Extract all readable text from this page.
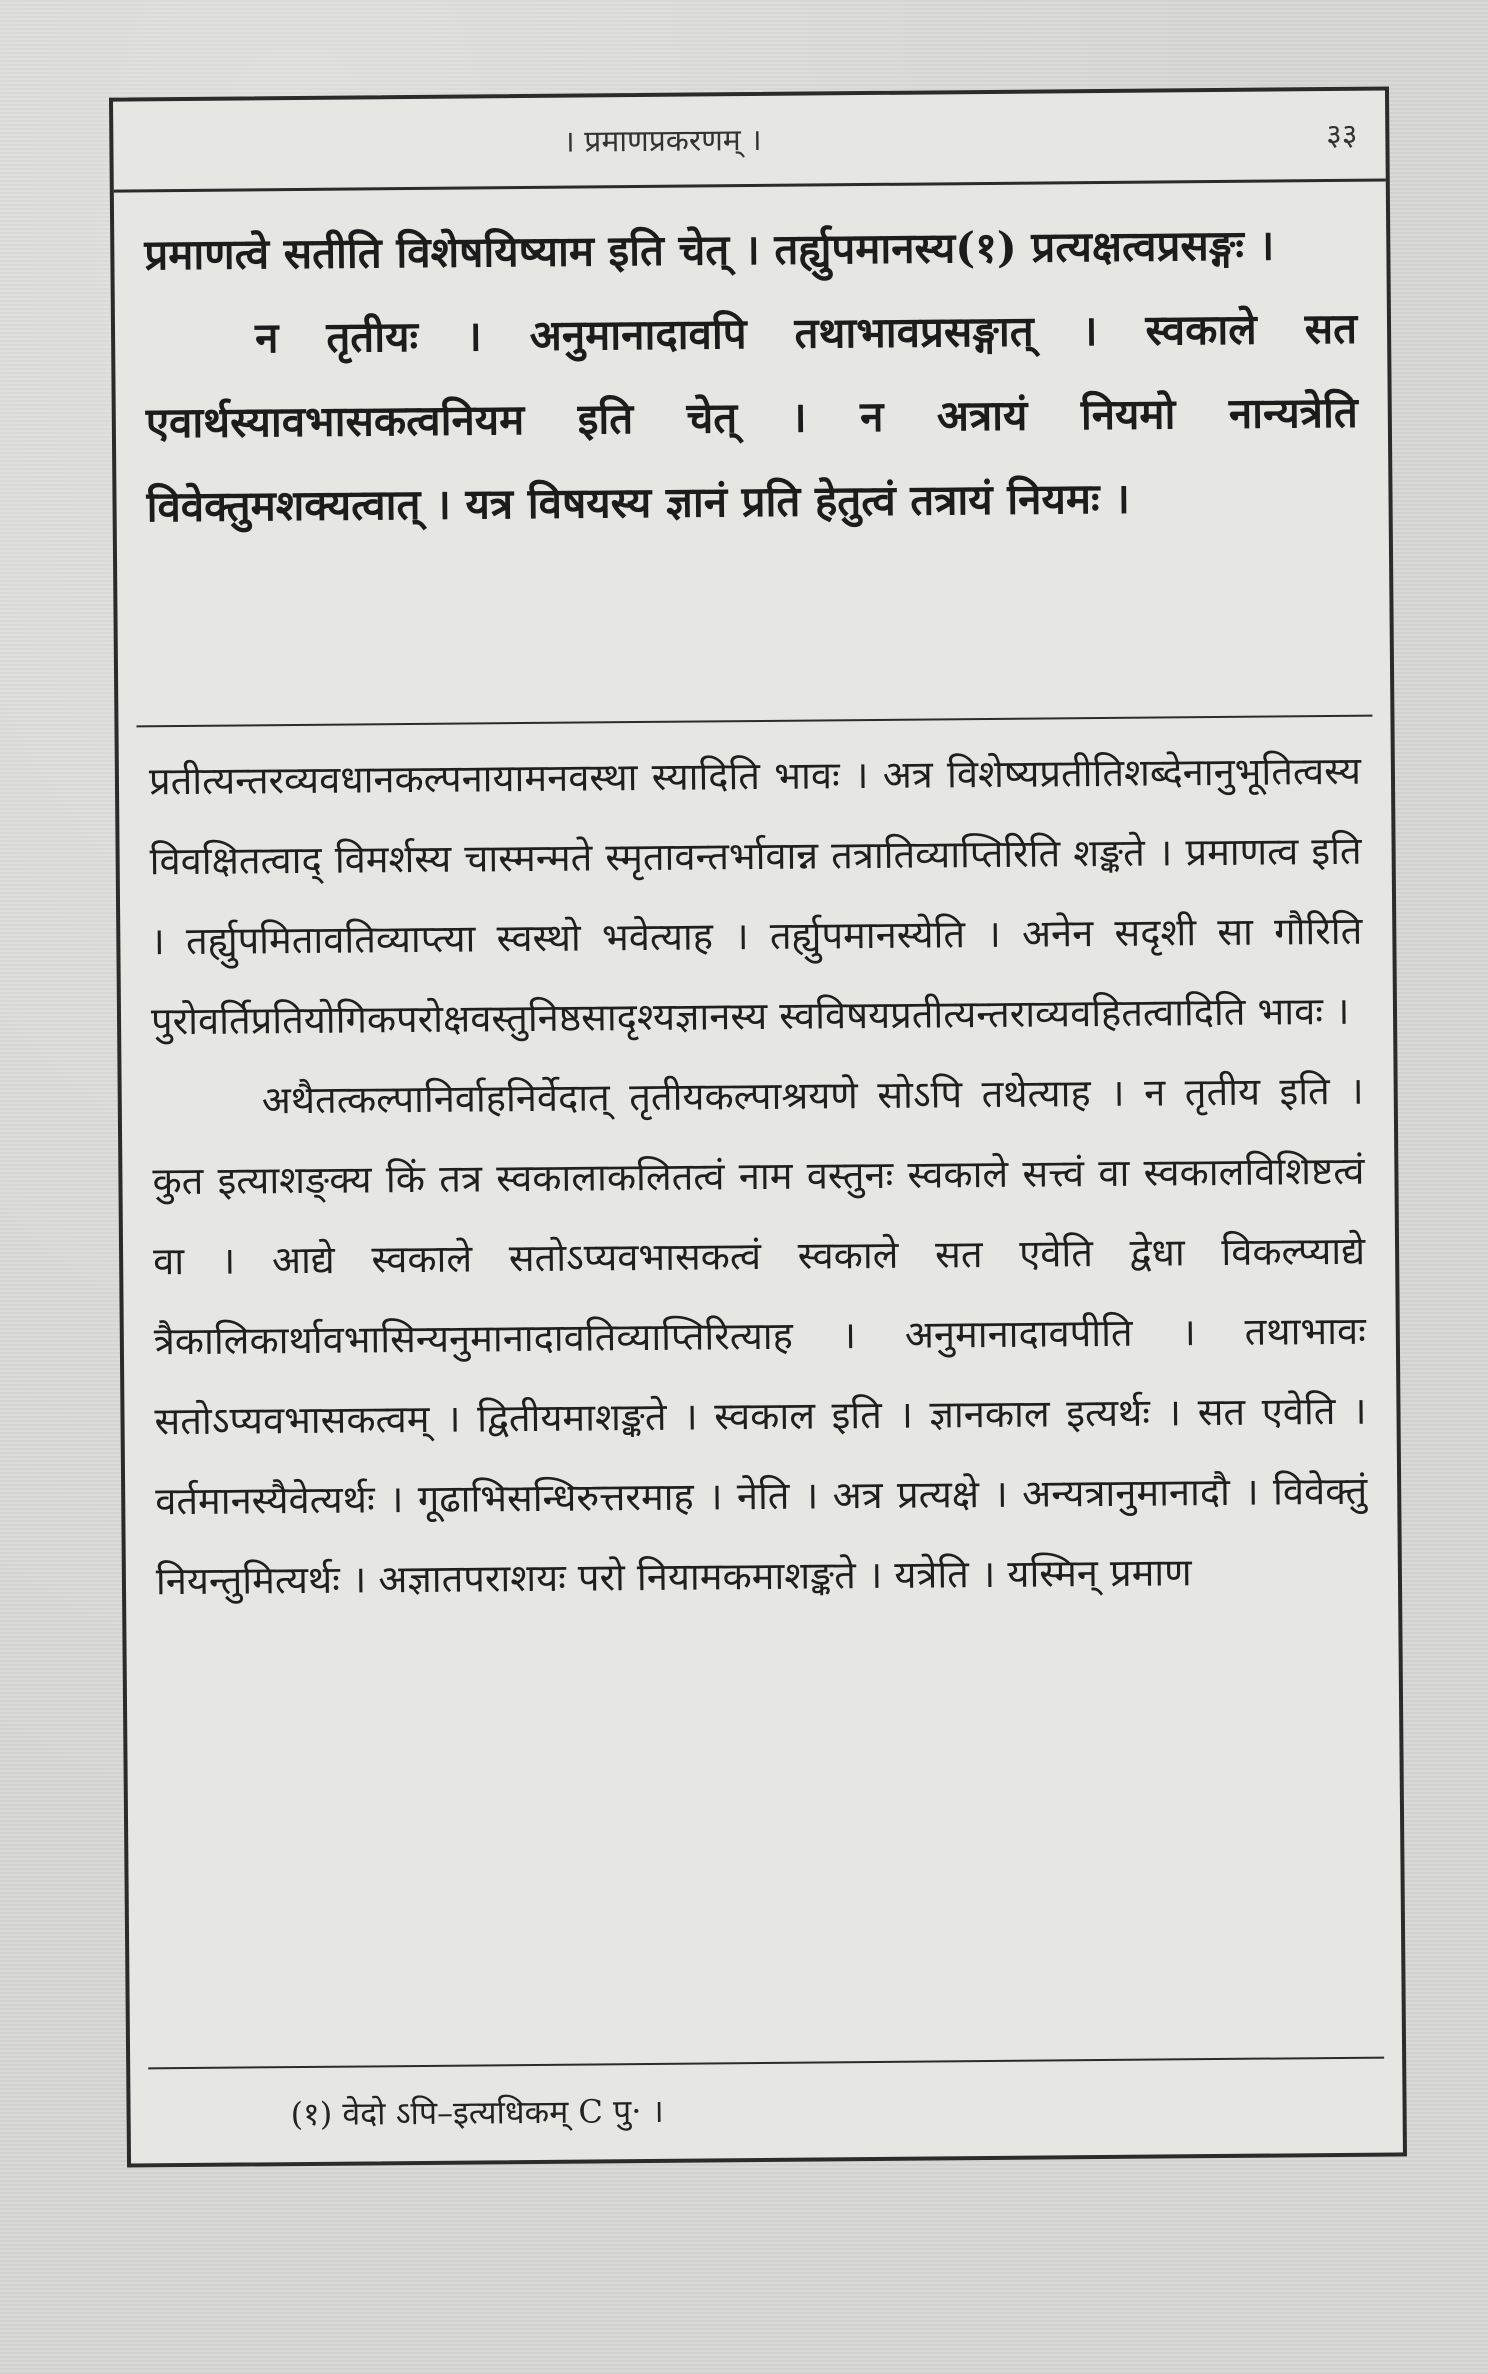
। प्रमाणप्रकरणम् ।	३३

प्रमाणत्वे सतीति विशेषयिष्याम इति चेत् । तर्ह्युपमानस्य(१) प्रत्यक्षत्वप्रसङ्गः ।

न तृतीयः । अनुमानादावपि तथाभावप्रसङ्गात् । स्वकाले सत एवार्थस्यावभासकत्वनियम इति चेत् । न अत्रायं नियमो नान्यत्रेति विवेक्तुमशक्यत्वात् । यत्र विषयस्य ज्ञानं प्रति हेतुत्वं तत्रायं नियमः ।

प्रतीत्यन्तरव्यवधानकल्पनायामनवस्था स्यादिति भावः । अत्र विशेष्यप्रतीतिशब्देनानुभूतित्वस्य विवक्षितत्वाद् विमर्शस्य चास्मन्मते स्मृतावन्तर्भावान्न तत्रातिव्याप्तिरिति शङ्कते । प्रमाणत्व इति । तर्ह्युपमितावतिव्याप्त्या स्वस्थो भवेत्याह । तर्ह्युपमानस्येति । अनेन सदृशी सा गौरिति पुरोवर्तिप्रतियोगिकपरोक्षवस्तुनिष्ठसादृश्यज्ञानस्य स्वविषयप्रतीत्यन्तराव्यवहितत्वादिति भावः ।

अथैतत्कल्पानिर्वाहनिर्वेदात् तृतीयकल्पाश्रयणे सोऽपि तथेत्याह । न तृतीय इति । कुत इत्याशङ्क्य किं तत्र स्वकालाकलितत्वं नाम वस्तुनः स्वकाले सत्त्वं वा स्वकालविशिष्टत्वं वा । आद्ये स्वकाले सतोऽप्यवभासकत्वं स्वकाले सत एवेति द्वेधा विकल्प्याद्ये त्रैकालिकार्थावभासिन्यनुमानादावतिव्याप्तिरित्याह । अनुमानादावपीति । तथाभावः सतोऽप्यवभासकत्वम् । द्वितीयमाशङ्कते । स्वकाल इति । ज्ञानकाल इत्यर्थः । सत एवेति । वर्तमानस्यैवेत्यर्थः । गूढाभिसन्धिरुत्तरमाह । नेति । अत्र प्रत्यक्षे । अन्यत्रानुमानादौ । विवेक्तुं नियन्तुमित्यर्थः । अज्ञातपराशयः परो नियामकमाशङ्कते । यत्रेति । यस्मिन् प्रमाण

(१) वेदो ऽपि–इत्यधिकम् C पु· ।
